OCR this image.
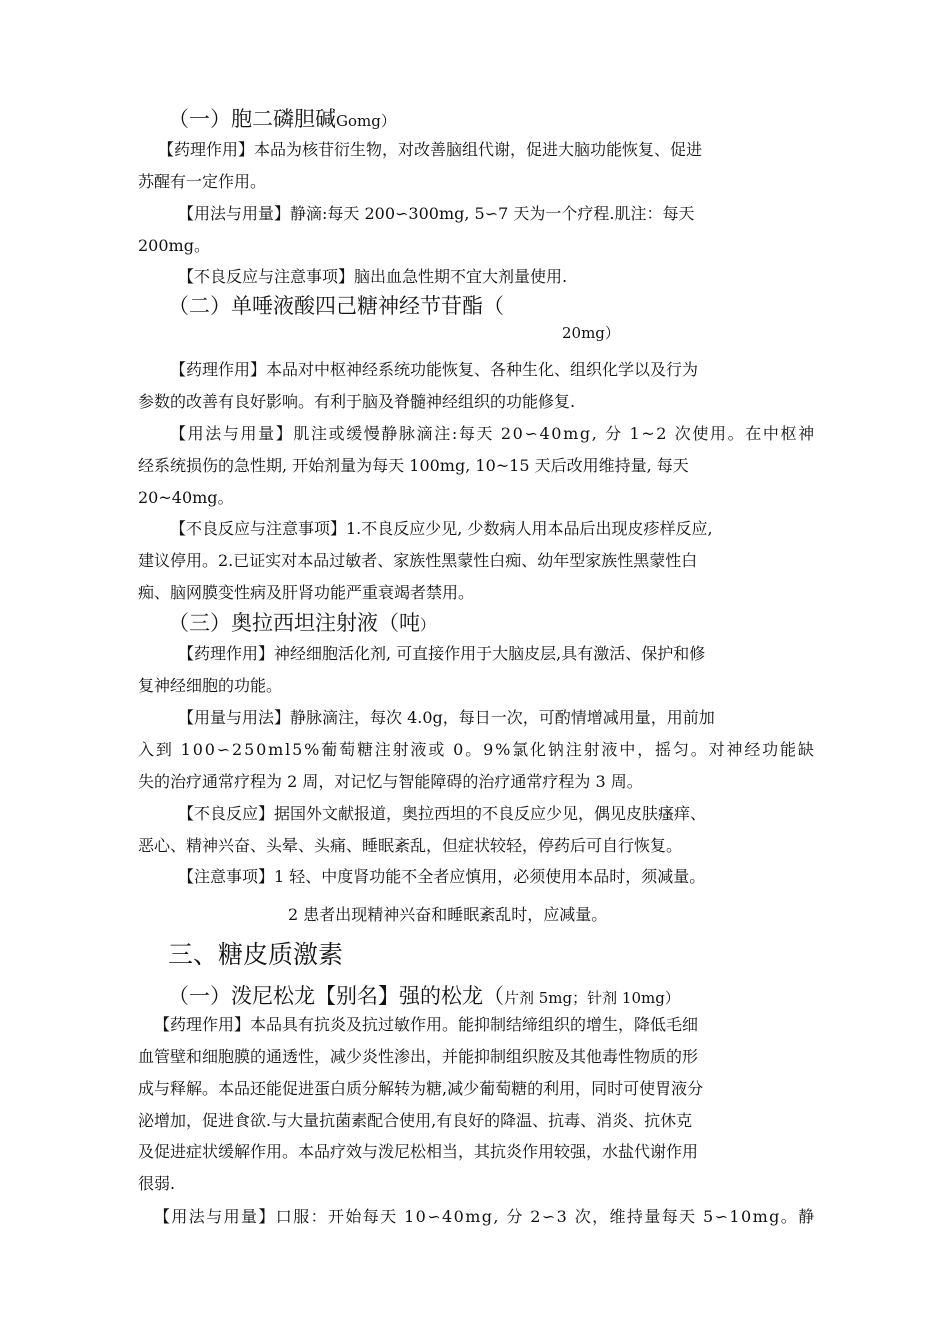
（一）胞二磷胆碱Gomg）
【药理作用】本品为核苷衍生物，对改善脑组代谢，促进大脑功能恢复、促进
苏醒有一定作用。
【用法与用量】静滴:每天 200∽300mg, 5∽7 天为一个疗程.肌注：每天
200mg。
【不良反应与注意事项】脑出血急性期不宜大剂量使用.
（二）单唾液酸四己糖神经节苷酯（
20mg）
【药理作用】本品对中枢神经系统功能恢复、各种生化、组织化学以及行为
参数的改善有良好影响。有利于脑及脊髓神经组织的功能修复.
【用法与用量】肌注或缓慢静脉滴注:每天 20∽40mg, 分 1~2 次使用。在中枢神
经系统损伤的急性期, 开始剂量为每天 100mg, 10~15 天后改用维持量, 每天
20~40mg。
【不良反应与注意事项】1.不良反应少见, 少数病人用本品后出现皮疹样反应,
建议停用。2.已证实对本品过敏者、家族性黑蒙性白痴、幼年型家族性黑蒙性白
痴、脑网膜变性病及肝肾功能严重衰竭者禁用。
（三）奥拉西坦注射液（吨）
【药理作用】神经细胞活化剂, 可直接作用于大脑皮层,具有激活、保护和修
复神经细胞的功能。
【用量与用法】静脉滴注，每次 4.0g，每日一次，可酌情增减用量，用前加
入到 100∽250ml5%葡萄糖注射液或 0。9%氯化钠注射液中，摇匀。对神经功能缺
失的治疗通常疗程为 2 周，对记忆与智能障碍的治疗通常疗程为 3 周。
【不良反应】据国外文献报道，奥拉西坦的不良反应少见，偶见皮肤瘙痒、
恶心、精神兴奋、头晕、头痛、睡眠紊乱，但症状较轻，停药后可自行恢复。
【注意事项】1 轻、中度肾功能不全者应慎用，必须使用本品时，须减量。
2 患者出现精神兴奋和睡眠紊乱时，应减量。
三、糖皮质激素
（一）泼尼松龙【别名】强的松龙（片剂 5mg；针剂 10mg）
【药理作用】本品具有抗炎及抗过敏作用。能抑制结缔组织的增生，降低毛细
血管壁和细胞膜的通透性，减少炎性渗出，并能抑制组织胺及其他毒性物质的形
成与释解。本品还能促进蛋白质分解转为糖,减少葡萄糖的利用，同时可使胃液分
泌增加，促进食欲.与大量抗菌素配合使用,有良好的降温、抗毒、消炎、抗休克
及促进症状缓解作用。本品疗效与泼尼松相当，其抗炎作用较强，水盐代谢作用
很弱.
【用法与用量】口服：开始每天 10∽40mg, 分 2∽3 次，维持量每天 5∽10mg。静
